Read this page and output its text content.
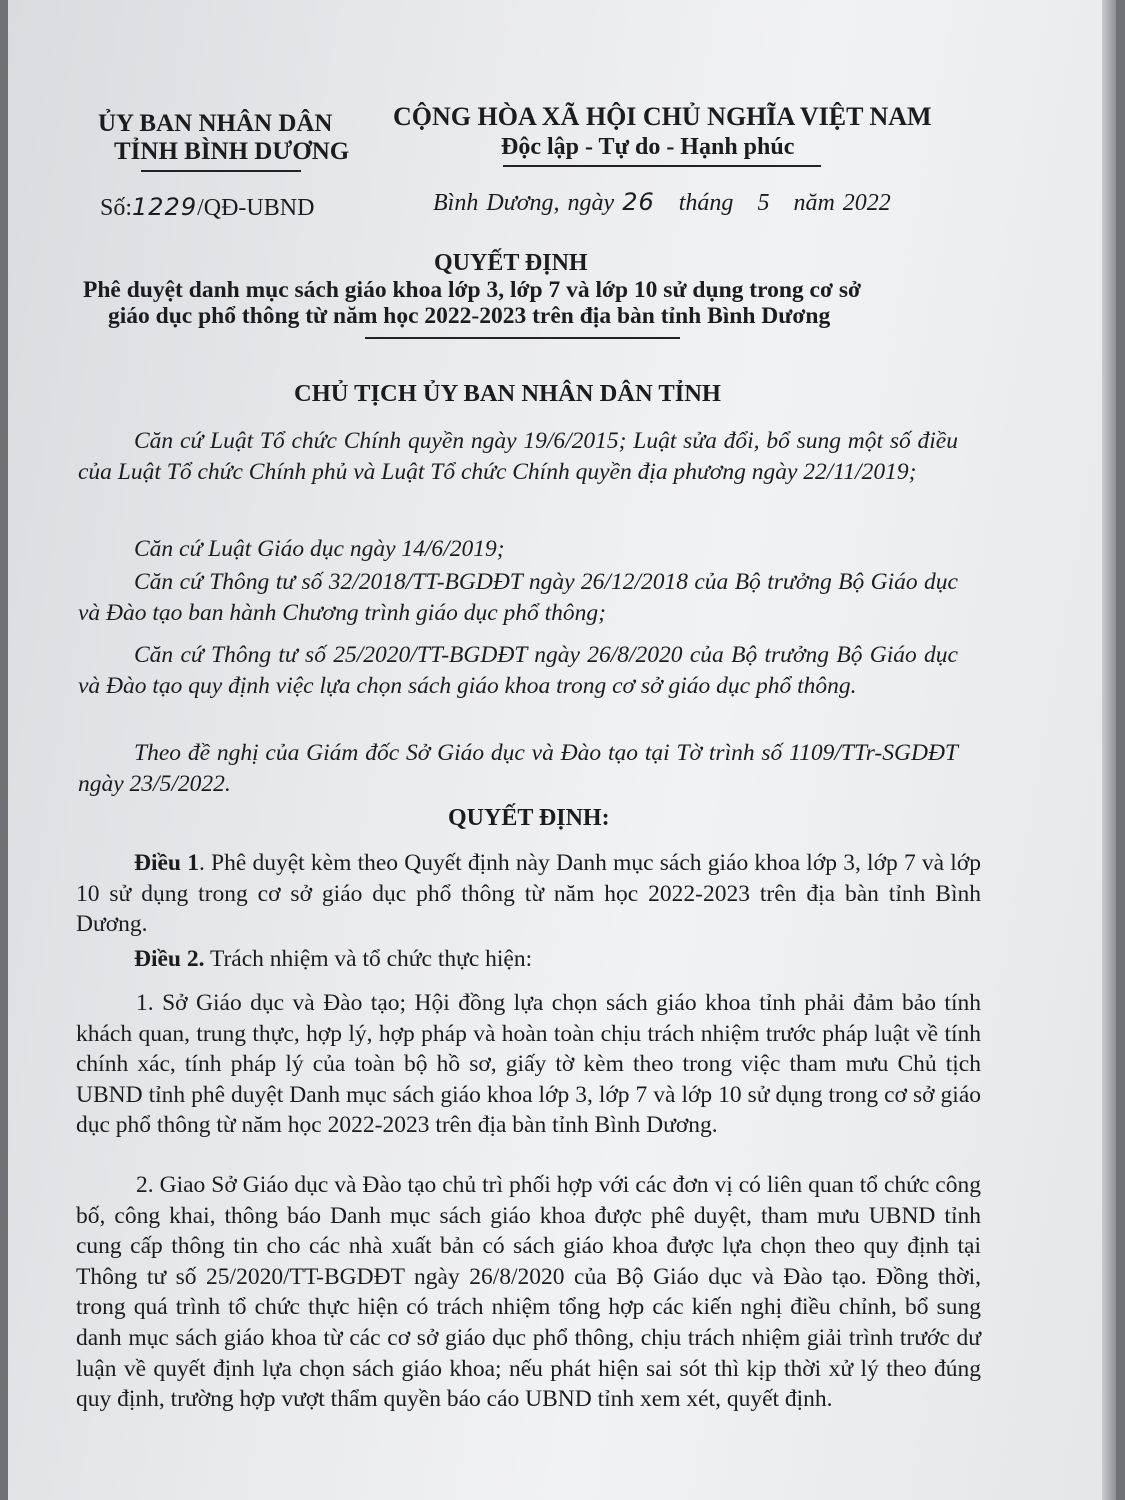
ỦY BAN NHÂN DÂN
TỈNH BÌNH DƯƠNG
CỘNG HÒA XÃ HỘI CHỦ NGHĨA VIỆT NAM
Độc lập - Tự do - Hạnh phúc
Số:1229/QĐ-UBND	Bình Dương, ngày 26 tháng 5 năm 2022
QUYẾT ĐỊNH
Phê duyệt danh mục sách giáo khoa lớp 3, lớp 7 và lớp 10 sử dụng trong cơ sở
giáo dục phổ thông từ năm học 2022-2023 trên địa bàn tỉnh Bình Dương
CHỦ TỊCH ỦY BAN NHÂN DÂN TỈNH
Căn cứ Luật Tổ chức Chính quyền ngày 19/6/2015; Luật sửa đổi, bổ sung một số điều của Luật Tổ chức Chính phủ và Luật Tổ chức Chính quyền địa phương ngày 22/11/2019;
Căn cứ Luật Giáo dục ngày 14/6/2019;
Căn cứ Thông tư số 32/2018/TT-BGDĐT ngày 26/12/2018 của Bộ trưởng Bộ Giáo dục và Đào tạo ban hành Chương trình giáo dục phổ thông;
Căn cứ Thông tư số 25/2020/TT-BGDĐT ngày 26/8/2020 của Bộ trưởng Bộ Giáo dục và Đào tạo quy định việc lựa chọn sách giáo khoa trong cơ sở giáo dục phổ thông.
Theo đề nghị của Giám đốc Sở Giáo dục và Đào tạo tại Tờ trình số 1109/TTr-SGDĐT ngày 23/5/2022.
QUYẾT ĐỊNH:
Điều 1. Phê duyệt kèm theo Quyết định này Danh mục sách giáo khoa lớp 3, lớp 7 và lớp 10 sử dụng trong cơ sở giáo dục phổ thông từ năm học 2022-2023 trên địa bàn tỉnh Bình Dương.
Điều 2. Trách nhiệm và tổ chức thực hiện:
1. Sở Giáo dục và Đào tạo; Hội đồng lựa chọn sách giáo khoa tỉnh phải đảm bảo tính khách quan, trung thực, hợp lý, hợp pháp và hoàn toàn chịu trách nhiệm trước pháp luật về tính chính xác, tính pháp lý của toàn bộ hồ sơ, giấy tờ kèm theo trong việc tham mưu Chủ tịch UBND tỉnh phê duyệt Danh mục sách giáo khoa lớp 3, lớp 7 và lớp 10 sử dụng trong cơ sở giáo dục phổ thông từ năm học 2022-2023 trên địa bàn tỉnh Bình Dương.
2. Giao Sở Giáo dục và Đào tạo chủ trì phối hợp với các đơn vị có liên quan tổ chức công bố, công khai, thông báo Danh mục sách giáo khoa được phê duyệt, tham mưu UBND tỉnh cung cấp thông tin cho các nhà xuất bản có sách giáo khoa được lựa chọn theo quy định tại Thông tư số 25/2020/TT-BGDĐT ngày 26/8/2020 của Bộ Giáo dục và Đào tạo. Đồng thời, trong quá trình tổ chức thực hiện có trách nhiệm tổng hợp các kiến nghị điều chỉnh, bổ sung danh mục sách giáo khoa từ các cơ sở giáo dục phổ thông, chịu trách nhiệm giải trình trước dư luận về quyết định lựa chọn sách giáo khoa; nếu phát hiện sai sót thì kịp thời xử lý theo đúng quy định, trường hợp vượt thẩm quyền báo cáo UBND tỉnh xem xét, quyết định.
